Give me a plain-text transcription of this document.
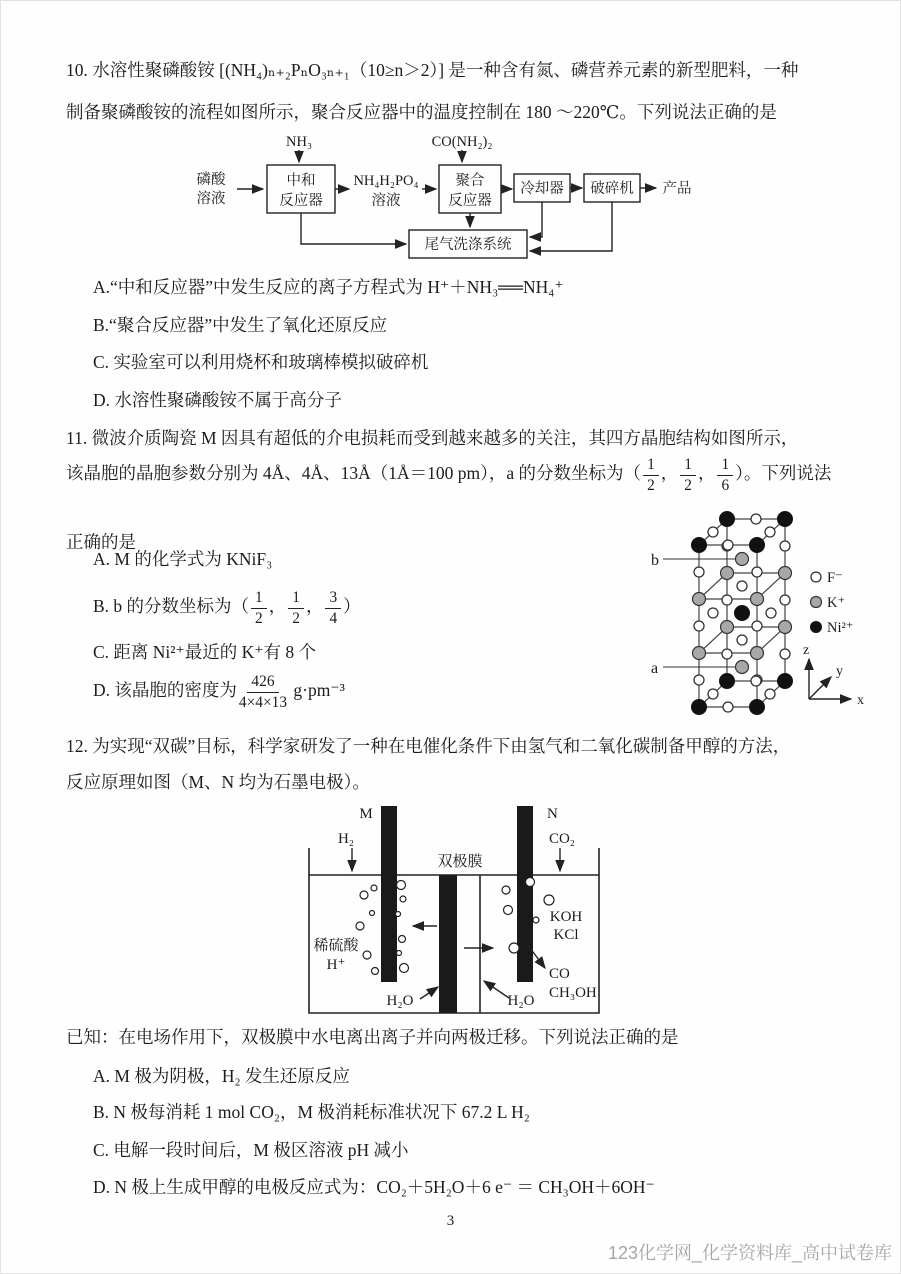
10. 水溶性聚磷酸铵 [(NH₄)ₙ₊₂PₙO₃ₙ₊₁（10≥n＞2）] 是一种含有氮、磷营养元素的新型肥料，一种
制备聚磷酸铵的流程如图所示，聚合反应器中的温度控制在 180 ～220℃。下列说法正确的是
NH₃	CO(NH₂)₂
磷酸
溶液
中和
反应器
NH₄H₂PO₄
溶液
聚合
反应器
冷却器 破碎机 产品
尾气洗涤系统
A.“中和反应器”中发生反应的离子方程式为 H⁺＋NH₃══NH₄⁺
B.“聚合反应器”中发生了氧化还原反应
C. 实验室可以利用烧杯和玻璃棒模拟破碎机
D. 水溶性聚磷酸铵不属于高分子
11. 微波介质陶瓷 M 因具有超低的介电损耗而受到越来越多的关注，其四方晶胞结构如图所示，
该晶胞的晶胞参数分别为 4Å、4Å、13Å（1Å＝100 pm），a 的分数坐标为（ $\frac{1}{2}$ ， $\frac{1}{2}$ ， $\frac{1}{6}$ ）。下列说法
正确的是
A. M 的化学式为 KNiF₃
B. b 的分数坐标为（ $\frac{1}{2}$ ， $\frac{1}{2}$ ， $\frac{3}{4}$ ）
C. 距离 Ni²⁺最近的 K⁺有 8 个
D. 该晶胞的密度为 $\frac{426}{4\times 4\times 13} g\cdot pm^{-3}$
b
a
F⁻
K⁺
Ni²⁺
z
x
y
12. 为实现“双碳”目标，科学家研发了一种在电催化条件下由氢气和二氧化碳制备甲醇的方法，
反应原理如图（M、N 均为石墨电极）。
M	N
H₂	CO₂
双极膜
稀硫酸
H⁺
KOH
KCl
CO
CH₃OH
H₂O	H₂O
已知：在电场作用下，双极膜中水电离出离子并向两极迁移。下列说法正确的是
A. M 极为阴极，H₂ 发生还原反应
B. N 极每消耗 1 mol CO₂，M 极消耗标准状况下 67.2 L H₂
C. 电解一段时间后，M 极区溶液 pH 减小
D. N 极上生成甲醇的电极反应式为：CO₂＋5H₂O＋6 e⁻ ＝ CH₃OH＋6OH⁻
3
123化学网_化学资料库_高中试卷库
